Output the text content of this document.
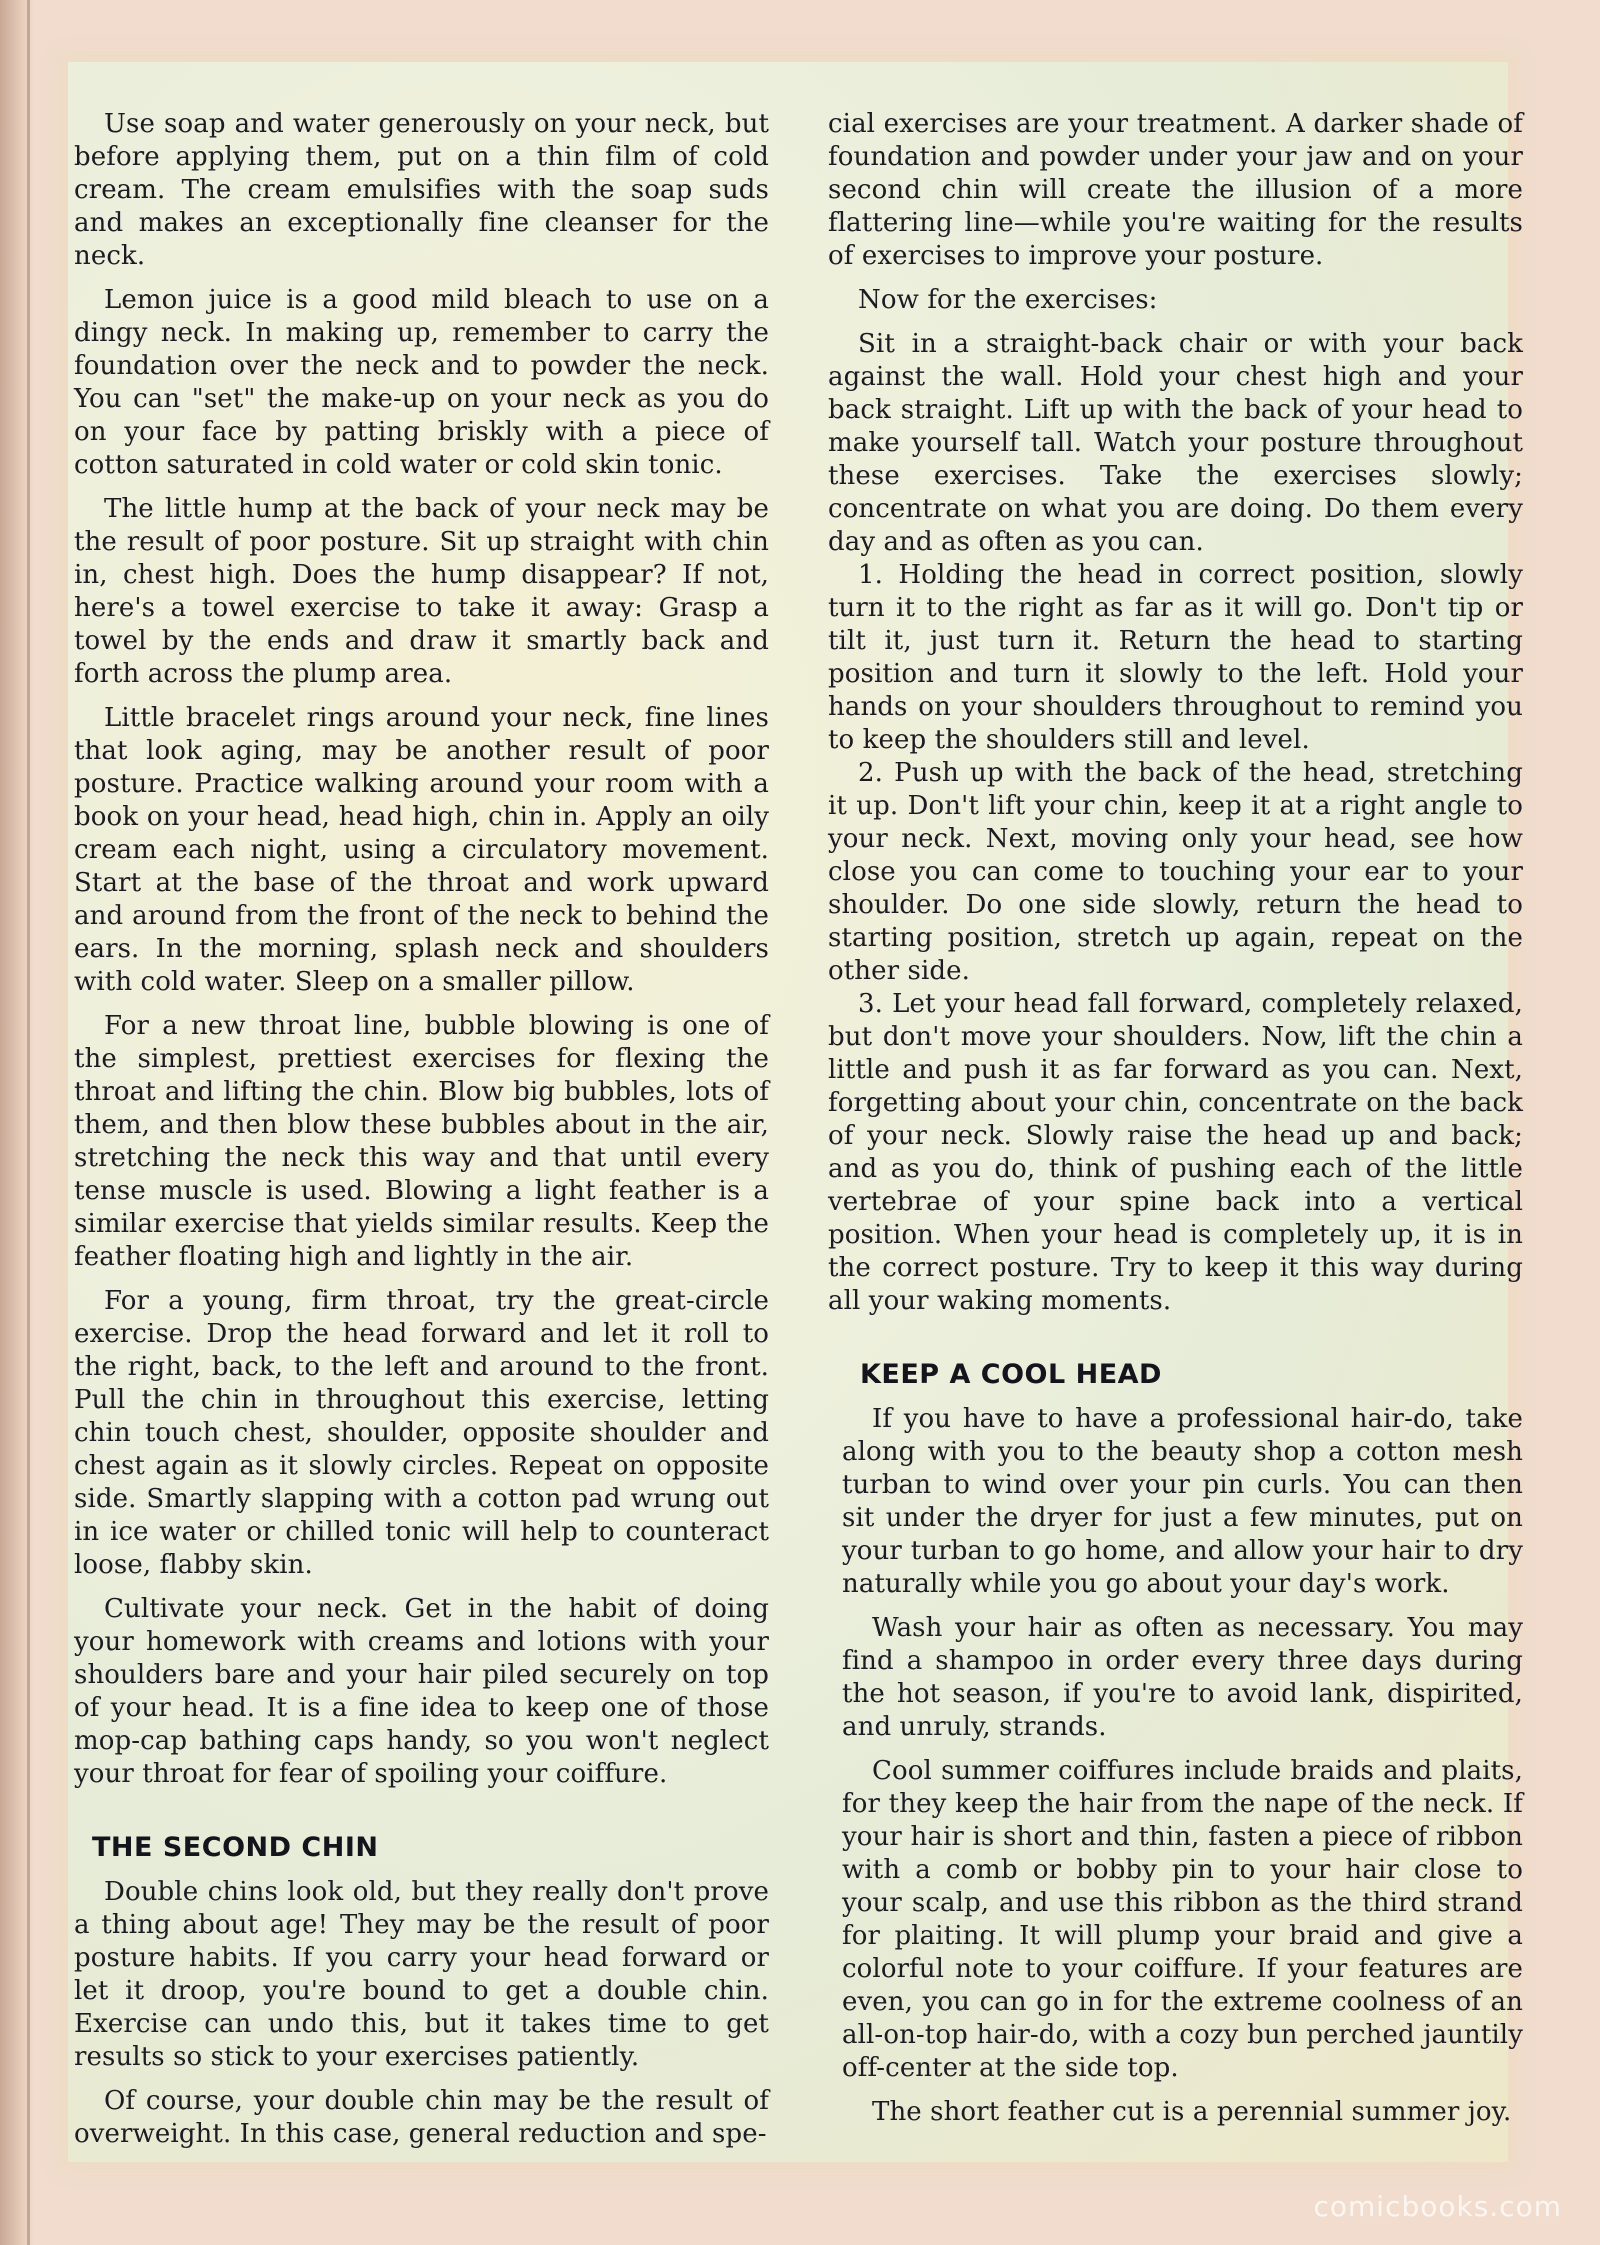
Use soap and water generously on your neck, but before applying them, put on a thin film of cold cream. The cream emulsifies with the soap suds and makes an exceptionally fine cleanser for the neck.

Lemon juice is a good mild bleach to use on a dingy neck. In making up, remember to carry the foundation over the neck and to powder the neck. You can "set" the make-up on your neck as you do on your face by patting briskly with a piece of cotton saturated in cold water or cold skin tonic.

The little hump at the back of your neck may be the result of poor posture. Sit up straight with chin in, chest high. Does the hump disappear? If not, here's a towel exercise to take it away: Grasp a towel by the ends and draw it smartly back and forth across the plump area.

Little bracelet rings around your neck, fine lines that look aging, may be another result of poor posture. Practice walking around your room with a book on your head, head high, chin in. Apply an oily cream each night, using a circulatory movement. Start at the base of the throat and work upward and around from the front of the neck to behind the ears. In the morning, splash neck and shoulders with cold water. Sleep on a smaller pillow.

For a new throat line, bubble blowing is one of the simplest, prettiest exercises for flexing the throat and lifting the chin. Blow big bubbles, lots of them, and then blow these bubbles about in the air, stretching the neck this way and that until every tense muscle is used. Blowing a light feather is a similar exercise that yields similar results. Keep the feather floating high and lightly in the air.

For a young, firm throat, try the great-circle exercise. Drop the head forward and let it roll to the right, back, to the left and around to the front. Pull the chin in throughout this exercise, letting chin touch chest, shoulder, opposite shoulder and chest again as it slowly circles. Repeat on opposite side. Smartly slapping with a cotton pad wrung out in ice water or chilled tonic will help to counteract loose, flabby skin.

Cultivate your neck. Get in the habit of doing your homework with creams and lotions with your shoulders bare and your hair piled securely on top of your head. It is a fine idea to keep one of those mop-cap bathing caps handy, so you won't neglect your throat for fear of spoiling your coiffure.

THE SECOND CHIN

Double chins look old, but they really don't prove a thing about age! They may be the result of poor posture habits. If you carry your head forward or let it droop, you're bound to get a double chin. Exercise can undo this, but it takes time to get results so stick to your exercises patiently.

Of course, your double chin may be the result of overweight. In this case, general reduction and spe-

cial exercises are your treatment. A darker shade of foundation and powder under your jaw and on your second chin will create the illusion of a more flattering line—while you're waiting for the results of exercises to improve your posture.

Now for the exercises:

Sit in a straight-back chair or with your back against the wall. Hold your chest high and your back straight. Lift up with the back of your head to make yourself tall. Watch your posture throughout these exercises. Take the exercises slowly; concentrate on what you are doing. Do them every day and as often as you can.

1. Holding the head in correct position, slowly turn it to the right as far as it will go. Don't tip or tilt it, just turn it. Return the head to starting position and turn it slowly to the left. Hold your hands on your shoulders throughout to remind you to keep the shoulders still and level.

2. Push up with the back of the head, stretching it up. Don't lift your chin, keep it at a right angle to your neck. Next, moving only your head, see how close you can come to touching your ear to your shoulder. Do one side slowly, return the head to starting position, stretch up again, repeat on the other side.

3. Let your head fall forward, completely relaxed, but don't move your shoulders. Now, lift the chin a little and push it as far forward as you can. Next, forgetting about your chin, concentrate on the back of your neck. Slowly raise the head up and back; and as you do, think of pushing each of the little vertebrae of your spine back into a vertical position. When your head is completely up, it is in the correct posture. Try to keep it this way during all your waking moments.

KEEP A COOL HEAD

If you have to have a professional hair-do, take along with you to the beauty shop a cotton mesh turban to wind over your pin curls. You can then sit under the dryer for just a few minutes, put on your turban to go home, and allow your hair to dry naturally while you go about your day's work.

Wash your hair as often as necessary. You may find a shampoo in order every three days during the hot season, if you're to avoid lank, dispirited, and unruly, strands.

Cool summer coiffures include braids and plaits, for they keep the hair from the nape of the neck. If your hair is short and thin, fasten a piece of ribbon with a comb or bobby pin to your hair close to your scalp, and use this ribbon as the third strand for plaiting. It will plump your braid and give a colorful note to your coiffure. If your features are even, you can go in for the extreme coolness of an all-on-top hair-do, with a cozy bun perched jauntily off-center at the side top.

The short feather cut is a perennial summer joy.

comicbooks.com
